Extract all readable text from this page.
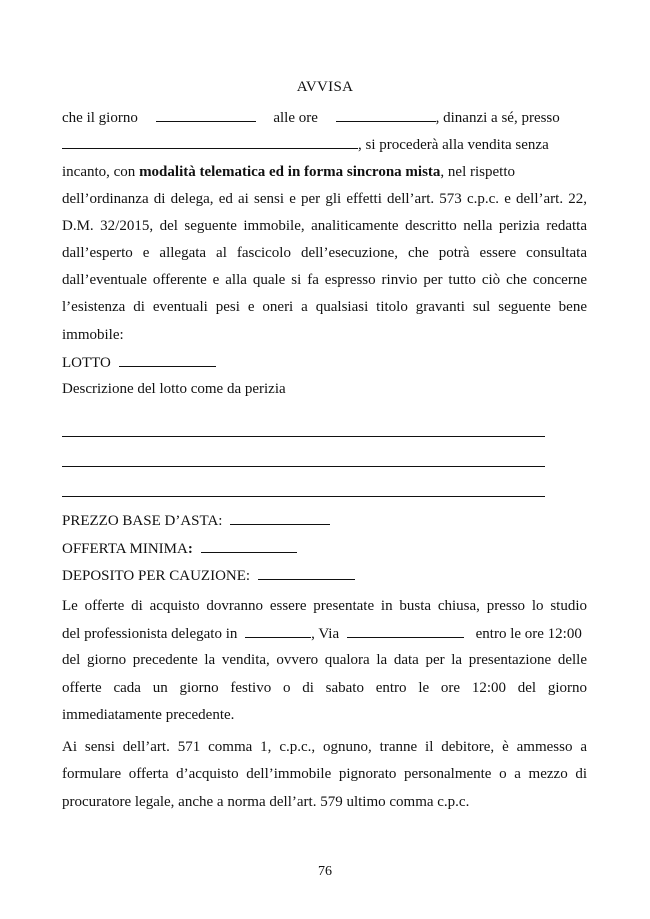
AVVISA
che il giorno	alle ore	, dinanzi a sé, presso
, si procederà alla vendita senza
incanto, con modalità telematica ed in forma sincrona mista, nel rispetto
dell’ordinanza di delega, ed ai sensi e per gli effetti dell’art. 573 c.p.c. e dell’art. 22,
D.M. 32/2015, del seguente immobile, analiticamente descritto nella perizia redatta
dall’esperto e allegata al fascicolo dell’esecuzione, che potrà essere consultata
dall’eventuale offerente e alla quale si fa espresso rinvio per tutto ciò che concerne
l’esistenza di eventuali pesi e oneri a qualsiasi titolo gravanti sul seguente bene
immobile:
LOTTO
Descrizione del lotto come da perizia
PREZZO BASE D’ASTA:
OFFERTA MINIMA:
DEPOSITO PER CAUZIONE:
Le offerte di acquisto dovranno essere presentate in busta chiusa, presso lo studio
del professionista delegato in	, Via	entro le ore 12:00
del giorno precedente la vendita, ovvero qualora la data per la presentazione delle
offerte cada un giorno festivo o di sabato entro le ore 12:00 del giorno
immediatamente precedente.
Ai sensi dell’art. 571 comma 1, c.p.c., ognuno, tranne il debitore, è ammesso a
formulare offerta d’acquisto dell’immobile pignorato personalmente o a mezzo di
procuratore legale, anche a norma dell’art. 579 ultimo comma c.p.c.
76
